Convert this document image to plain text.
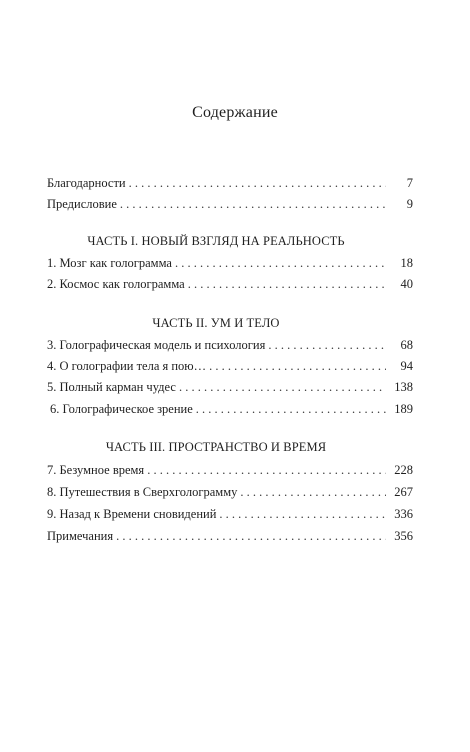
Содержание
Благодарности . . .	7
Предисловие . . .	9
ЧАСТЬ I. НОВЫЙ ВЗГЛЯД НА РЕАЛЬНОСТЬ
1. Мозг как голограмма . . .	18
2. Космос как голограмма . . .	40
ЧАСТЬ II. УМ И ТЕЛО
3. Голографическая модель и психология . . .	68
4. О голографии тела я пою… . . .	94
5. Полный карман чудес . . .	138
6. Голографическое зрение . . .	189
ЧАСТЬ III. ПРОСТРАНСТВО И ВРЕМЯ
7. Безумное время . . .	228
8. Путешествия в Сверхголограмму . . .	267
9. Назад к Времени сновидений . . .	336
Примечания . . .	356
